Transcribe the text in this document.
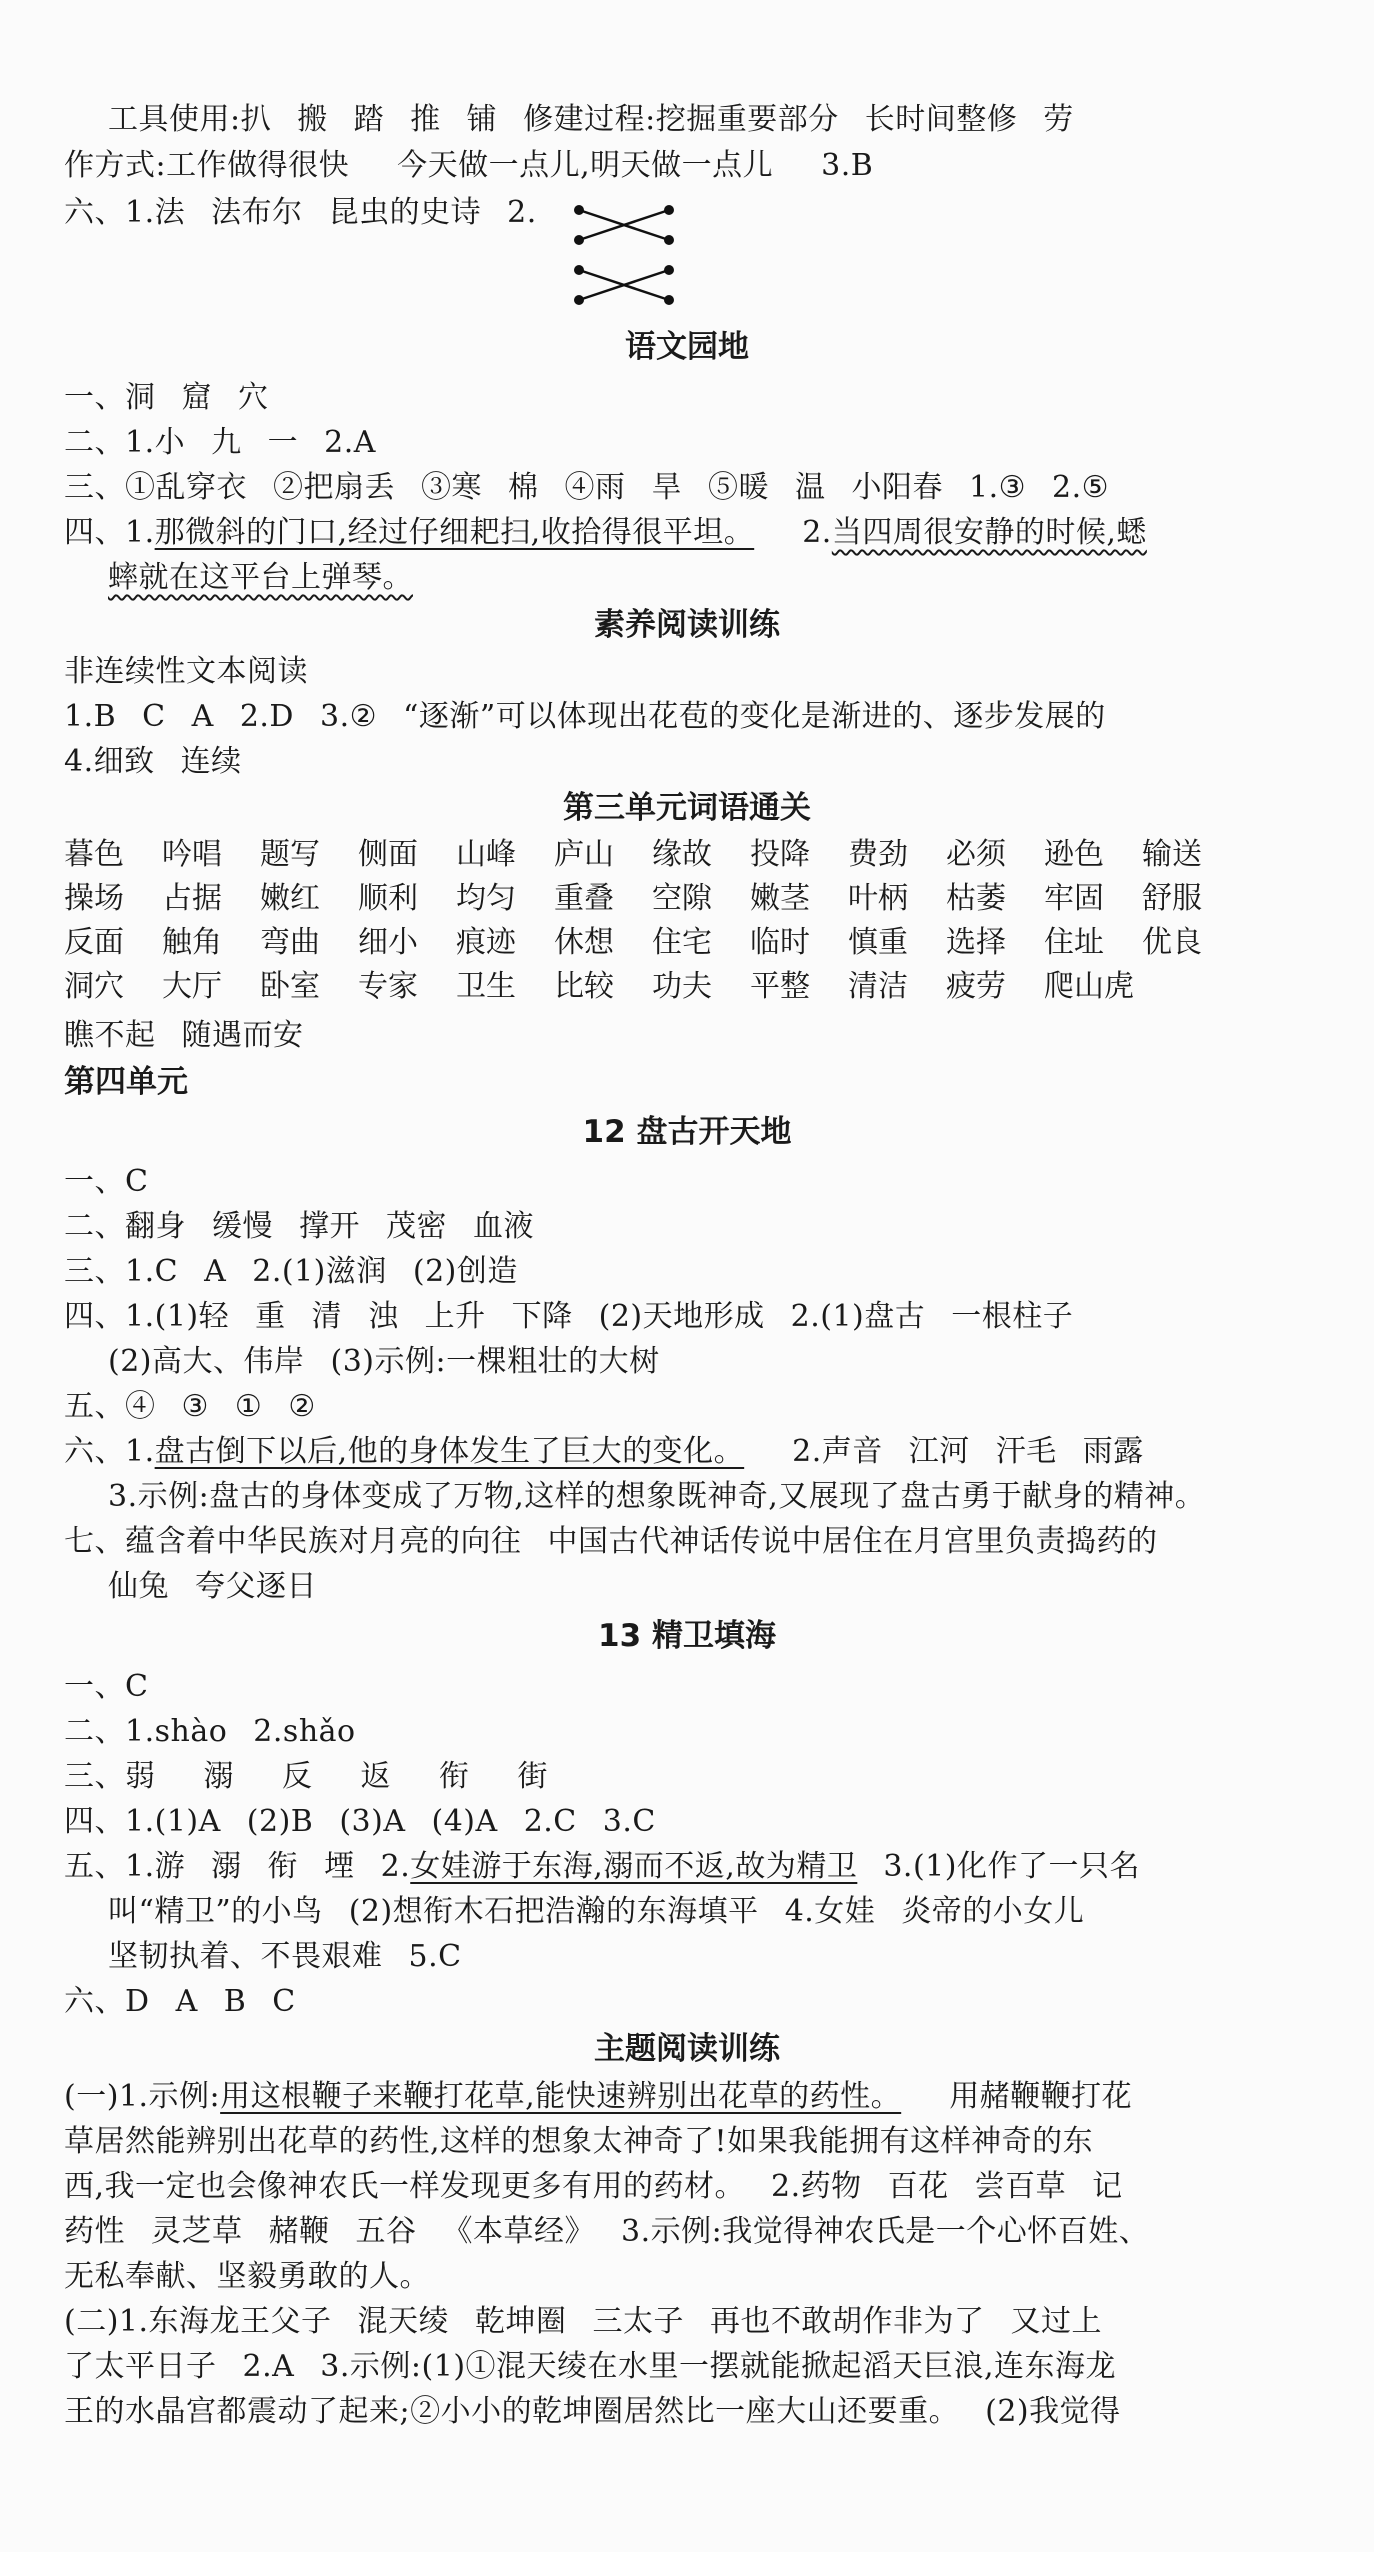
工具使用:扒 搬 踏 推 铺 修建过程:挖掘重要部分 长时间整修 劳
作方式:工作做得很快 今天做一点儿,明天做一点儿 3.B
六、1.法 法布尔 昆虫的史诗 2.
语文园地
一、洞 窟 穴
二、1.小 九 一 2.A
三、①乱穿衣 ②把扇丢 ③寒 棉 ④雨 旱 ⑤暖 温 小阳春 1.③ 2.⑤
四、1.那微斜的门口,经过仔细耙扫,收拾得很平坦。 2.当四周很安静的时候,蟋
蟀就在这平台上弹琴。
素养阅读训练
非连续性文本阅读
1.B C A 2.D 3.② “逐渐”可以体现出花苞的变化是渐进的、逐步发展的
4.细致 连续
第三单元词语通关
暮色	吟唱	题写	侧面	山峰	庐山	缘故	投降	费劲	必须	逊色	输送
操场	占据	嫩红	顺利	均匀	重叠	空隙	嫩茎	叶柄	枯萎	牢固	舒服
反面	触角	弯曲	细小	痕迹	休想	住宅	临时	慎重	选择	住址	优良
洞穴	大厅	卧室	专家	卫生	比较	功夫	平整	清洁	疲劳	爬山虎
瞧不起 随遇而安
第四单元
12 盘古开天地
一、C
二、翻身 缓慢 撑开 茂密 血液
三、1.C A 2.(1)滋润 (2)创造
四、1.(1)轻 重 清 浊 上升 下降 (2)天地形成 2.(1)盘古 一根柱子
(2)高大、伟岸 (3)示例:一棵粗壮的大树
五、④ ③ ① ②
六、1.盘古倒下以后,他的身体发生了巨大的变化。 2.声音 江河 汗毛 雨露
3.示例:盘古的身体变成了万物,这样的想象既神奇,又展现了盘古勇于献身的精神。
七、蕴含着中华民族对月亮的向往 中国古代神话传说中居住在月宫里负责捣药的
仙兔 夸父逐日
13 精卫填海
一、C
二、1.shào 2.shǎo
三、弱 溺 反 返 衔 街
四、1.(1)A (2)B (3)A (4)A 2.C 3.C
五、1.游 溺 衔 堙 2.女娃游于东海,溺而不返,故为精卫 3.(1)化作了一只名
叫“精卫”的小鸟 (2)想衔木石把浩瀚的东海填平 4.女娃 炎帝的小女儿
坚韧执着、不畏艰难 5.C
六、D A B C
主题阅读训练
(一)1.示例:用这根鞭子来鞭打花草,能快速辨别出花草的药性。 用赭鞭鞭打花
草居然能辨别出花草的药性,这样的想象太神奇了!如果我能拥有这样神奇的东
西,我一定也会像神农氏一样发现更多有用的药材。 2.药物 百花 尝百草 记
药性 灵芝草 赭鞭 五谷 《本草经》 3.示例:我觉得神农氏是一个心怀百姓、
无私奉献、坚毅勇敢的人。
(二)1.东海龙王父子 混天绫 乾坤圈 三太子 再也不敢胡作非为了 又过上
了太平日子 2.A 3.示例:(1)①混天绫在水里一摆就能掀起滔天巨浪,连东海龙
王的水晶宫都震动了起来;②小小的乾坤圈居然比一座大山还要重。 (2)我觉得
